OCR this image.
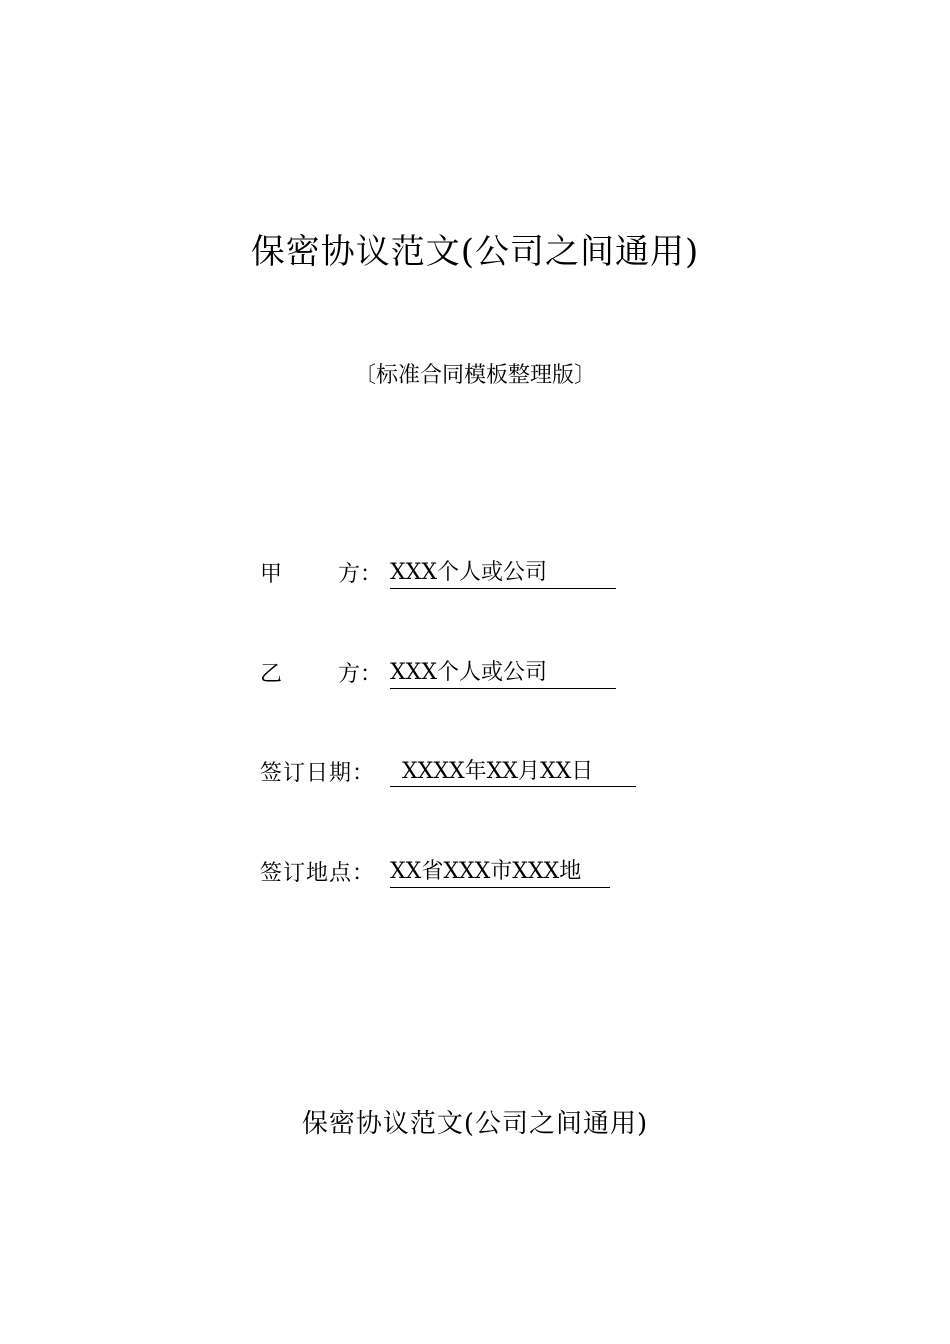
保密协议范文(公司之间通用)
〔标准合同模板整理版〕
甲	方： XXX个人或公司
乙	方： XXX个人或公司
签订日期：	XXXX年XX月XX日
签订地点： XX省XXX市XXX地
保密协议范文(公司之间通用)
